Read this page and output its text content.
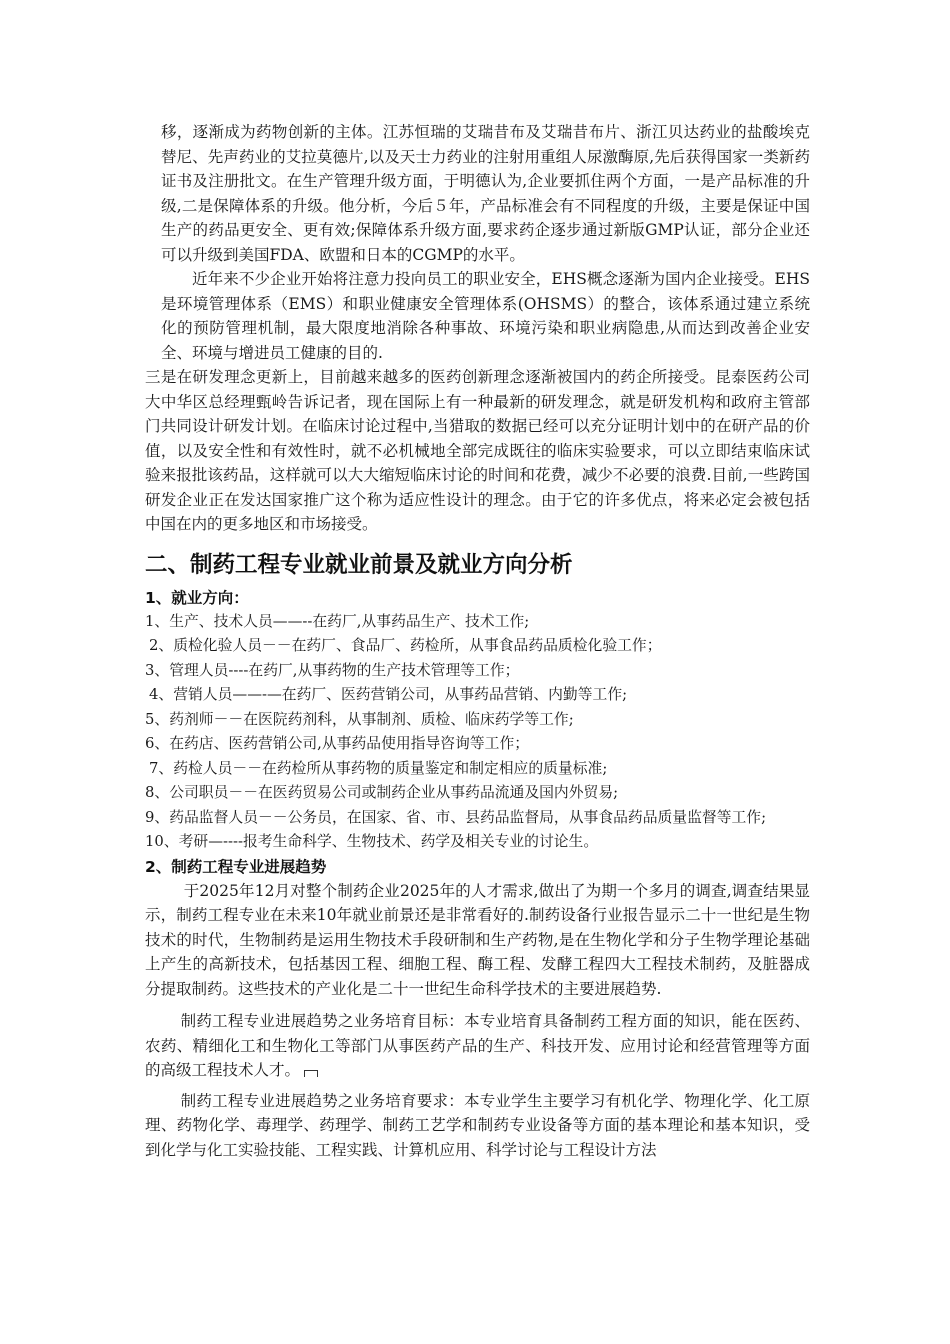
移，逐渐成为药物创新的主体。江苏恒瑞的艾瑞昔布及艾瑞昔布片、浙江贝达药业的盐酸埃克替尼、先声药业的艾拉莫德片,以及天士力药业的注射用重组人尿激酶原,先后获得国家一类新药证书及注册批文。在生产管理升级方面，于明德认为,企业要抓住两个方面，一是产品标准的升级,二是保障体系的升级。他分析，今后５年，产品标准会有不同程度的升级，主要是保证中国生产的药品更安全、更有效;保障体系升级方面,要求药企逐步通过新版GMP认证，部分企业还可以升级到美国FDA、欧盟和日本的CGMP的水平。

近年来不少企业开始将注意力投向员工的职业安全，EHS概念逐渐为国内企业接受。EHS是环境管理体系（EMS）和职业健康安全管理体系(OHSMS）的整合，该体系通过建立系统化的预防管理机制，最大限度地消除各种事故、环境污染和职业病隐患,从而达到改善企业安全、环境与增进员工健康的目的.

三是在研发理念更新上，目前越来越多的医药创新理念逐渐被国内的药企所接受。昆泰医药公司大中华区总经理甄岭告诉记者，现在国际上有一种最新的研发理念，就是研发机构和政府主管部门共同设计研发计划。在临床讨论过程中,当猎取的数据已经可以充分证明计划中的在研产品的价值，以及安全性和有效性时，就不必机械地全部完成既往的临床实验要求，可以立即结束临床试验来报批该药品，这样就可以大大缩短临床讨论的时间和花费，减少不必要的浪费.目前,一些跨国研发企业正在发达国家推广这个称为适应性设计的理念。由于它的许多优点，将来必定会被包括中国在内的更多地区和市场接受。

二、制药工程专业就业前景及就业方向分析
1、就业方向：

1、生产、技术人员——--在药厂,从事药品生产、技术工作;

2、质检化验人员－－在药厂、食品厂、药检所，从事食品药品质检化验工作；

3、管理人员----在药厂,从事药物的生产技术管理等工作；

4、营销人员——-—在药厂、医药营销公司，从事药品营销、内勤等工作;

5、药剂师－－在医院药剂科，从事制剂、质检、临床药学等工作;

6、在药店、医药营销公司,从事药品使用指导咨询等工作；

7、药检人员－－在药检所从事药物的质量鉴定和制定相应的质量标准;

8、公司职员－－在医药贸易公司或制药企业从事药品流通及国内外贸易;

9、药品监督人员－－公务员，在国家、省、市、县药品监督局，从事食品药品质量监督等工作;

10、考研—----报考生命科学、生物技术、药学及相关专业的讨论生。

2、制药工程专业进展趋势

于2025年12月对整个制药企业2025年的人才需求,做出了为期一个多月的调查,调查结果显示，制药工程专业在未来10年就业前景还是非常看好的.制药设备行业报告显示二十一世纪是生物技术的时代，生物制药是运用生物技术手段研制和生产药物,是在生物化学和分子生物学理论基础上产生的高新技术，包括基因工程、细胞工程、酶工程、发酵工程四大工程技术制药，及脏器成分提取制药。这些技术的产业化是二十一世纪生命科学技术的主要进展趋势.

制药工程专业进展趋势之业务培育目标：本专业培育具备制药工程方面的知识，能在医药、农药、精细化工和生物化工等部门从事医药产品的生产、科技开发、应用讨论和经营管理等方面的高级工程技术人才。

制药工程专业进展趋势之业务培育要求：本专业学生主要学习有机化学、物理化学、化工原理、药物化学、毒理学、药理学、制药工艺学和制药专业设备等方面的基本理论和基本知识，受到化学与化工实验技能、工程实践、计算机应用、科学讨论与工程设计方法
